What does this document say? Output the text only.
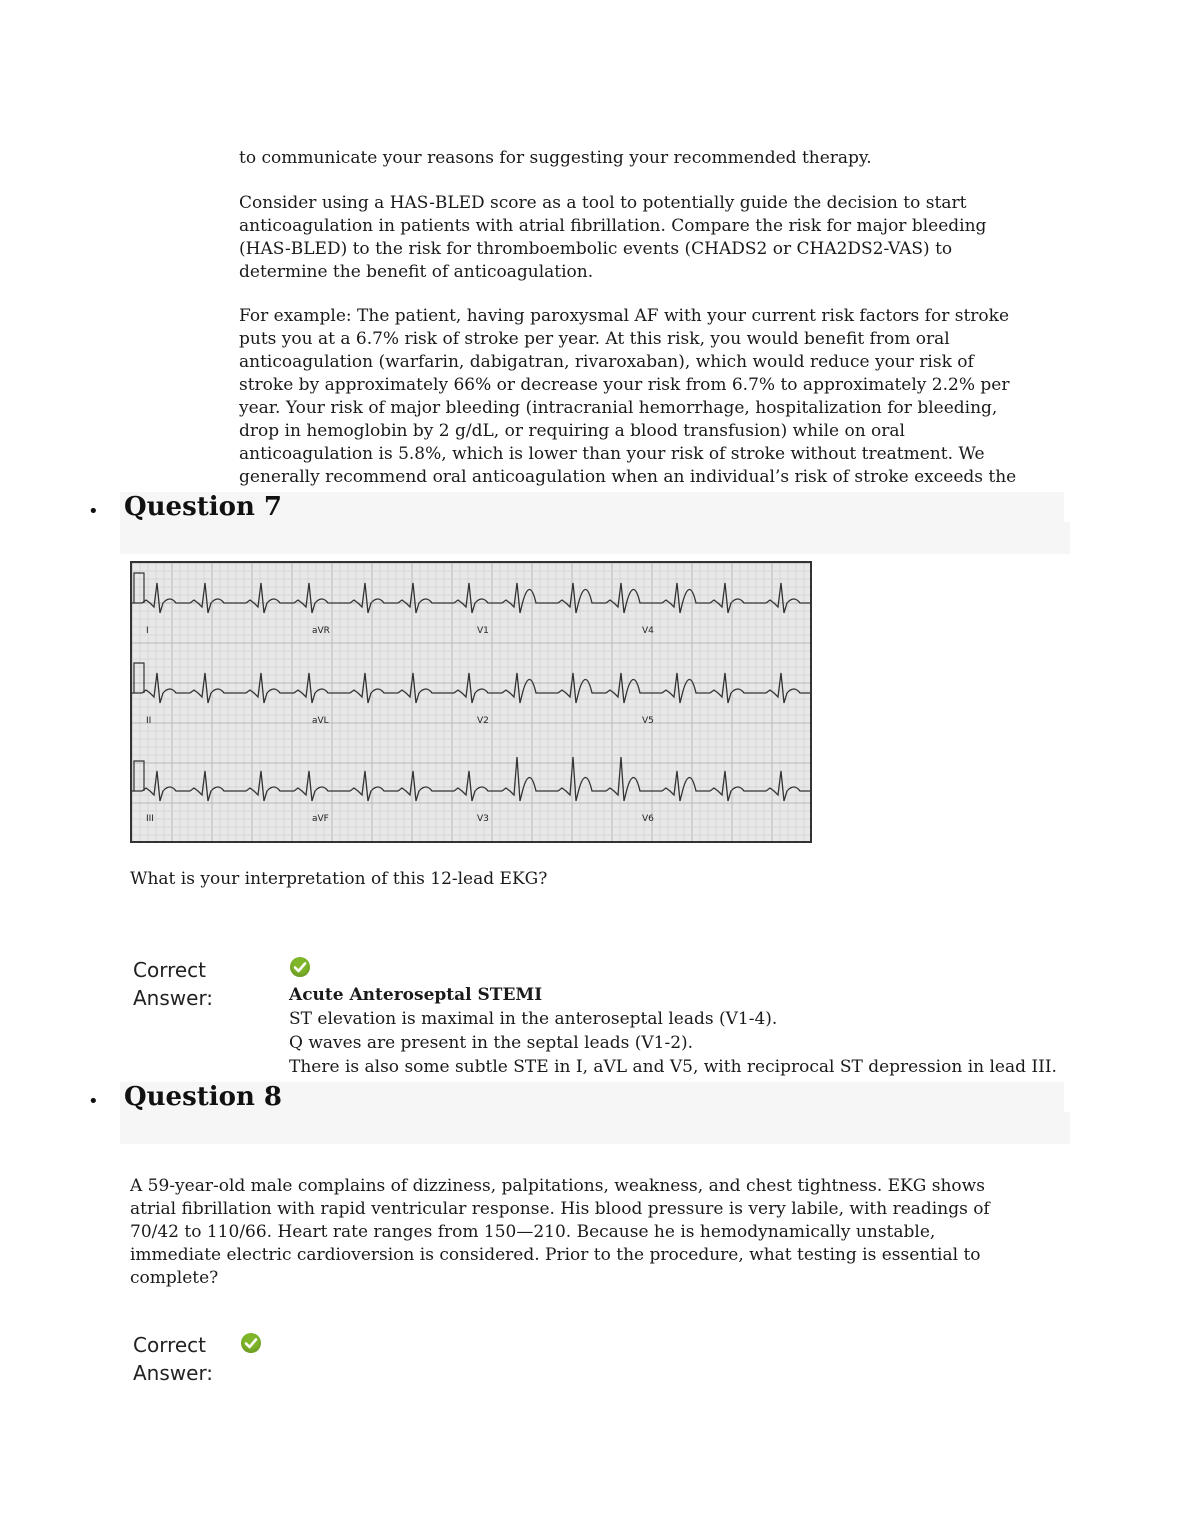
to communicate your reasons for suggesting your recommended therapy.

Consider using a HAS-BLED score as a tool to potentially guide the decision to start anticoagulation in patients with atrial fibrillation. Compare the risk for major bleeding (HAS-BLED) to the risk for thromboembolic events (CHADS2 or CHA2DS2-VAS) to determine the benefit of anticoagulation.

For example: The patient, having paroxysmal AF with your current risk factors for stroke puts you at a 6.7% risk of stroke per year. At this risk, you would benefit from oral anticoagulation (warfarin, dabigatran, rivaroxaban), which would reduce your risk of stroke by approximately 66% or decrease your risk from 6.7% to approximately 2.2% per year. Your risk of major bleeding (intracranial hemorrhage, hospitalization for bleeding, drop in hemoglobin by 2 g/dL, or requiring a blood transfusion) while on oral anticoagulation is 5.8%, which is lower than your risk of stroke without treatment. We generally recommend oral anticoagulation when an individual’s risk of stroke exceeds the

• Question 7
I	aVR	V1	V4
II	aVL	V2	V5
III	aVF	V3	V6

What is your interpretation of this 12-lead EKG?

Correct
Answer:	Acute Anteroseptal STEMI
ST elevation is maximal in the anteroseptal leads (V1-4).
Q waves are present in the septal leads (V1-2).
There is also some subtle STE in I, aVL and V5, with reciprocal ST depression in lead III.
• Question 8

A 59-year-old male complains of dizziness, palpitations, weakness, and chest tightness. EKG shows atrial fibrillation with rapid ventricular response. His blood pressure is very labile, with readings of 70/42 to 110/66. Heart rate ranges from 150—210. Because he is hemodynamically unstable, immediate electric cardioversion is considered. Prior to the procedure, what testing is essential to complete?

Correct
Answer:
